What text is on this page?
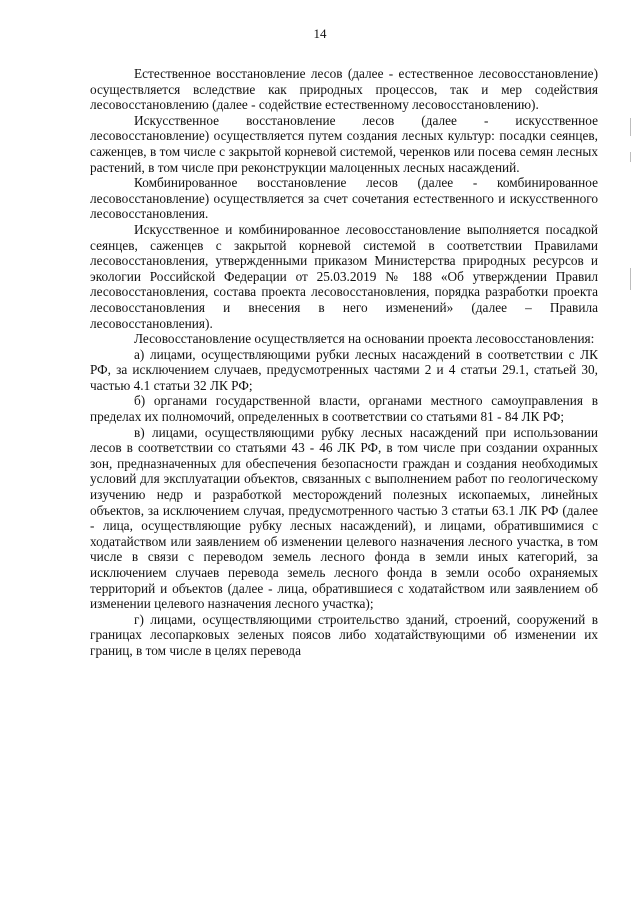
14

Естественное восстановление лесов (далее - естественное лесовосстановление) осуществляется вследствие как природных процессов, так и мер содействия лесовосстановлению (далее - содействие естественному лесовосстановлению).

Искусственное восстановление лесов (далее - искусственное лесовосстановление) осуществляется путем создания лесных культур: посадки сеянцев, саженцев, в том числе с закрытой корневой системой, черенков или посева семян лесных растений, в том числе при реконструкции малоценных лесных насаждений.

Комбинированное восстановление лесов (далее - комбинированное лесовосстановление) осуществляется за счет сочетания естественного и искусственного лесовосстановления.

Искусственное и комбинированное лесовосстановление выполняется посадкой сеянцев, саженцев с закрытой корневой системой в соответствии Правилами лесовосстановления, утвержденными приказом Министерства природных ресурсов и экологии Российской Федерации от 25.03.2019 № 188 «Об утверждении Правил лесовосстановления, состава проекта лесовосстановления, порядка разработки проекта лесовосстановления и внесения в него изменений» (далее – Правила лесовосстановления).

Лесовосстановление осуществляется на основании проекта лесовосстановления:

а) лицами, осуществляющими рубки лесных насаждений в соответствии с ЛК РФ, за исключением случаев, предусмотренных частями 2 и 4 статьи 29.1, статьей 30, частью 4.1 статьи 32 ЛК РФ;

б) органами государственной власти, органами местного самоуправления в пределах их полномочий, определенных в соответствии со статьями 81 - 84 ЛК РФ;

в) лицами, осуществляющими рубку лесных насаждений при использовании лесов в соответствии со статьями 43 - 46 ЛК РФ, в том числе при создании охранных зон, предназначенных для обеспечения безопасности граждан и создания необходимых условий для эксплуатации объектов, связанных с выполнением работ по геологическому изучению недр и разработкой месторождений полезных ископаемых, линейных объектов, за исключением случая, предусмотренного частью 3 статьи 63.1 ЛК РФ (далее - лица, осуществляющие рубку лесных насаждений), и лицами, обратившимися с ходатайством или заявлением об изменении целевого назначения лесного участка, в том числе в связи с переводом земель лесного фонда в земли иных категорий, за исключением случаев перевода земель лесного фонда в земли особо охраняемых территорий и объектов (далее - лица, обратившиеся с ходатайством или заявлением об изменении целевого назначения лесного участка);

г) лицами, осуществляющими строительство зданий, строений, сооружений в границах лесопарковых зеленых поясов либо ходатайствующими об изменении их границ, в том числе в целях перевода
